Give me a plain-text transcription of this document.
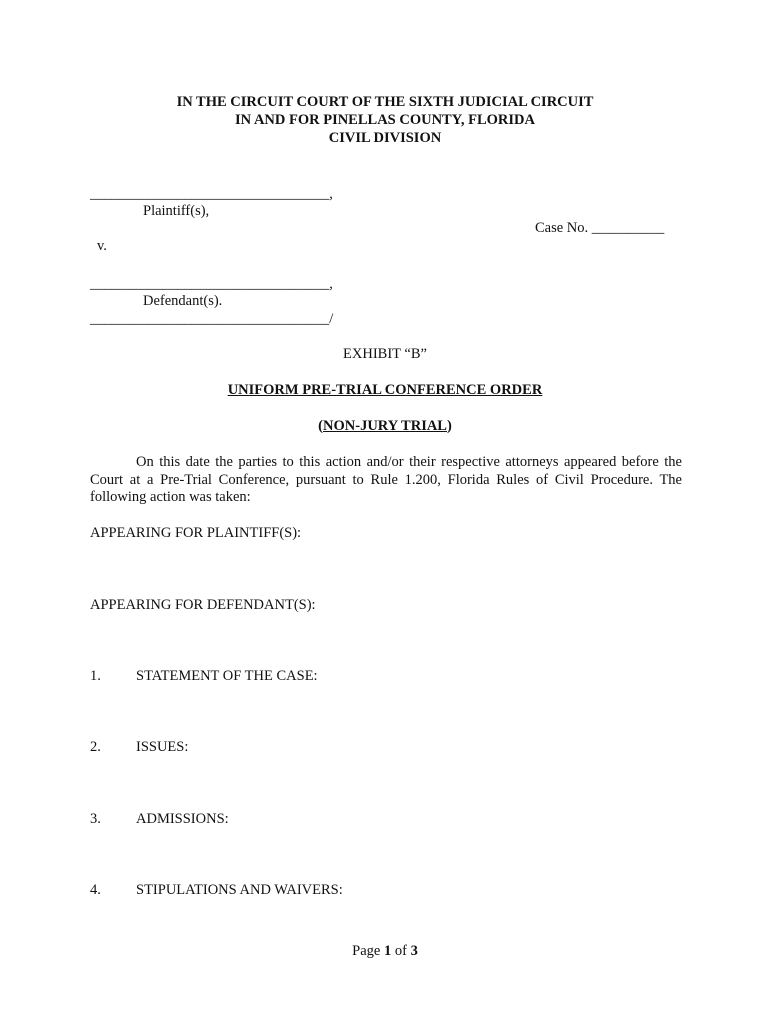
IN THE CIRCUIT COURT OF THE SIXTH JUDICIAL CIRCUIT
IN AND FOR PINELLAS COUNTY, FLORIDA
CIVIL DIVISION
_________________________________,
Plaintiff(s),
Case No. __________
v.
_________________________________,
Defendant(s).
_________________________________/
EXHIBIT “B”
UNIFORM PRE-TRIAL CONFERENCE ORDER
(NON-JURY TRIAL)
On this date the parties to this action and/or their respective attorneys appeared before the Court at a Pre-Trial Conference, pursuant to Rule 1.200, Florida Rules of Civil Procedure. The following action was taken:
APPEARING FOR PLAINTIFF(S):
APPEARING FOR DEFENDANT(S):
1. STATEMENT OF THE CASE:
2. ISSUES:
3. ADMISSIONS:
4. STIPULATIONS AND WAIVERS:
Page 1 of 3
